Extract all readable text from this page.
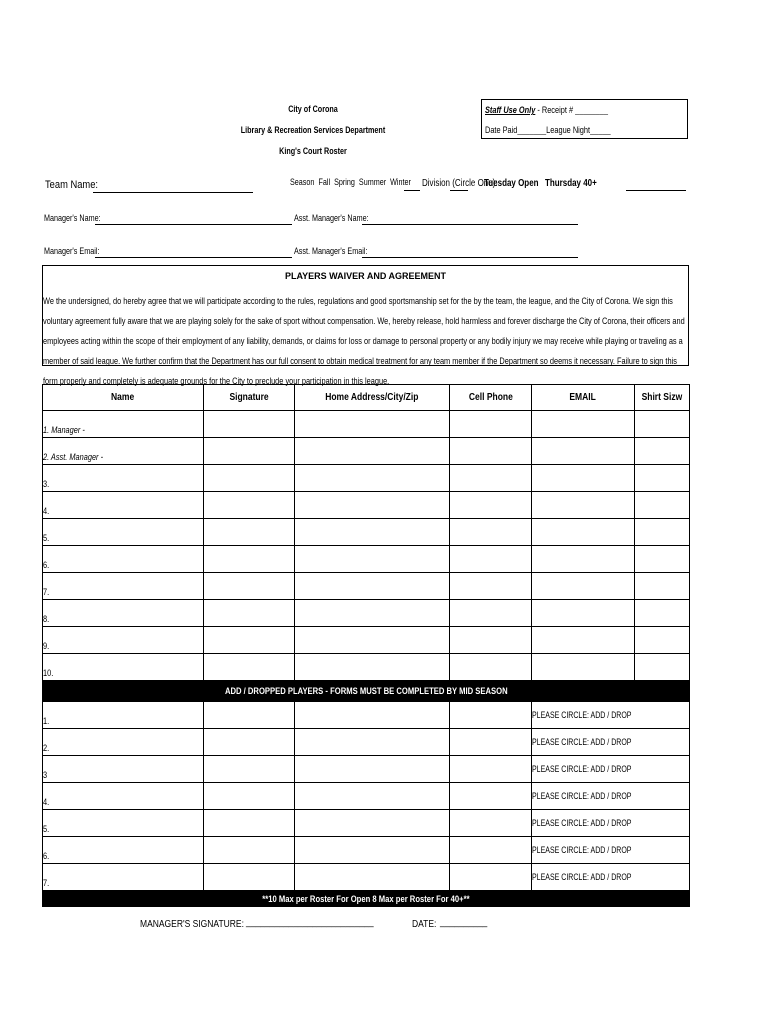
City of Corona
Library & Recreation Services Department
King's Court Roster
Staff Use Only - Receipt # ________
Date Paid_______League Night_____
Team Name:	Season Fall Spring Summer Winter Division (Circle One):
Tuesday Open Thursday 40+
Manager's Name:	Asst. Manager's Name:
Manager's Email:	Asst. Manager's Email:
PLAYERS WAIVER AND AGREEMENT
We the undersigned, do hereby agree that we will participate according to the rules, regulations and good sportsmanship set for the by the team, the league, and the City of Corona. We sign this voluntary agreement fully aware that we are playing solely for the sake of sport without compensation. We, hereby release, hold harmless and forever discharge the City of Corona, their officers and employees acting within the scope of their employment of any liability, demands, or claims for loss or damage to personal property or any bodily injury we may receive while playing or traveling as a member of said league. We further confirm that the Department has our full consent to obtain medical treatment for any team member if the Department so deems it necessary. Failure to sign this form properly and completely is adequate grounds for the City to preclude your participation in this league.
Name	Signature	Home Address/City/Zip	Cell Phone	EMAIL	Shirt Sizw
1. Manager -					
2. Asst. Manager -					
3.					
4.					
5.					
6.					
7.					
8.					
9.					
10.					
ADD / DROPPED PLAYERS - FORMS MUST BE COMPLETED BY MID SEASON					
1.				PLEASE CIRCLE: ADD / DROP	
2.				PLEASE CIRCLE: ADD / DROP	
3				PLEASE CIRCLE: ADD / DROP	
4.				PLEASE CIRCLE: ADD / DROP	
5.				PLEASE CIRCLE: ADD / DROP	
6.				PLEASE CIRCLE: ADD / DROP	
7.				PLEASE CIRCLE: ADD / DROP	
**10 Max per Roster For Open 8 Max per Roster For 40+**					
MANAGER'S SIGNATURE: ___________________________	DATE: __________
